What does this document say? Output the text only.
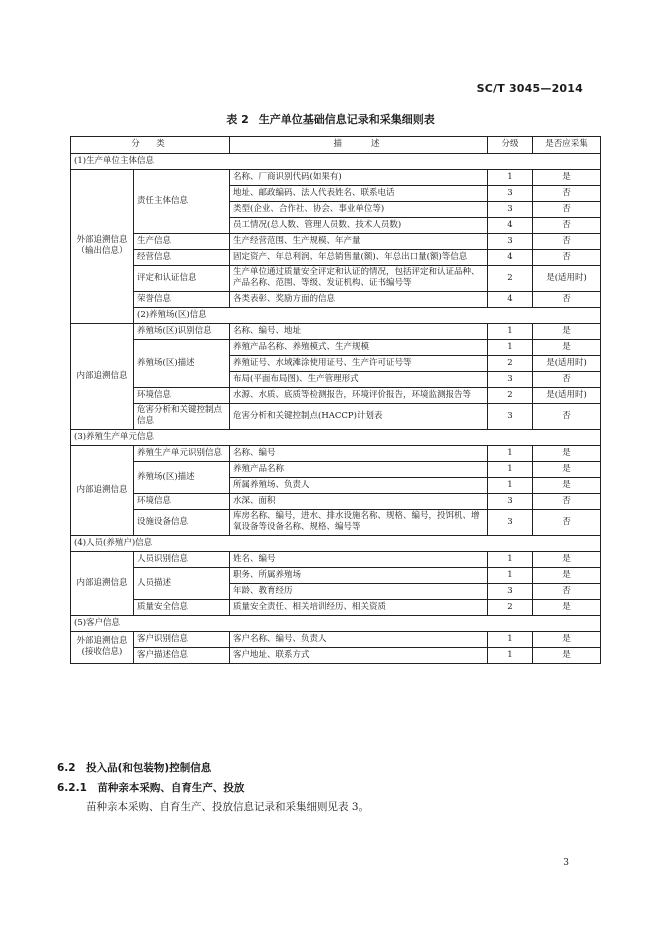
SC/T 3045—2014
表 2 生产单位基础信息记录和采集细则表
分　类		描　　述	分级	是否应采集
(1)生产单位主体信息				
外部追溯信息（输出信息）	责任主体信息	名称、厂商识别代码(如果有)	1	是
		地址、邮政编码、法人代表姓名、联系电话	3	否
		类型(企业、合作社、协会、事业单位等)	3	否
		员工情况(总人数、管理人员数、技术人员数)	4	否
	生产信息	生产经营范围、生产规模、年产量	3	否
	经营信息	固定资产、年总利润、年总销售量(额)、年总出口量(额)等信息	4	否
	评定和认证信息	生产单位通过质量安全评定和认证的情况，包括评定和认证品种、产品名称、范围、等级、发证机构、证书编号等	2	是(适用时)
	荣誉信息	各类表彰、奖励方面的信息	4	否
	(2)养殖场(区)信息			
内部追溯信息	养殖场(区)识别信息	名称、编号、地址	1	是
	养殖场(区)描述	养殖产品名称、养殖模式、生产规模	1	是
		养殖证号、水域滩涂使用证号、生产许可证号等	2	是(适用时)
		布局(平面布局图)、生产管理形式	3	否
	环境信息	水源、水质、底质等检测报告，环境评价报告，环境监测报告等	2	是(适用时)
	危害分析和关键控制点信息	危害分析和关键控制点(HACCP)计划表	3	否
(3)养殖生产单元信息				
内部追溯信息	养殖生产单元识别信息	名称、编号	1	是
	养殖场(区)描述	养殖产品名称	1	是
		所属养殖场、负责人	1	是
	环境信息	水深、面积	3	否
	设施设备信息	库房名称、编号，进水、排水设施名称、规格、编号，投饵机、增氧设备等设备名称、规格、编号等	3	否
(4)人员(养殖户)信息				
内部追溯信息	人员识别信息	姓名、编号	1	是
	人员描述	职务、所属养殖场	1	是
		年龄、教育经历	3	否
	质量安全信息	质量安全责任、相关培训经历、相关资质	2	是
(5)客户信息				
外部追溯信息(接收信息)	客户识别信息	客户名称、编号、负责人	1	是
	客户描述信息	客户地址、联系方式	1	是
6.2　投入品(和包装物)控制信息
6.2.1　苗种亲本采购、自育生产、投放
苗种亲本采购、自育生产、投放信息记录和采集细则见表 3。
3
